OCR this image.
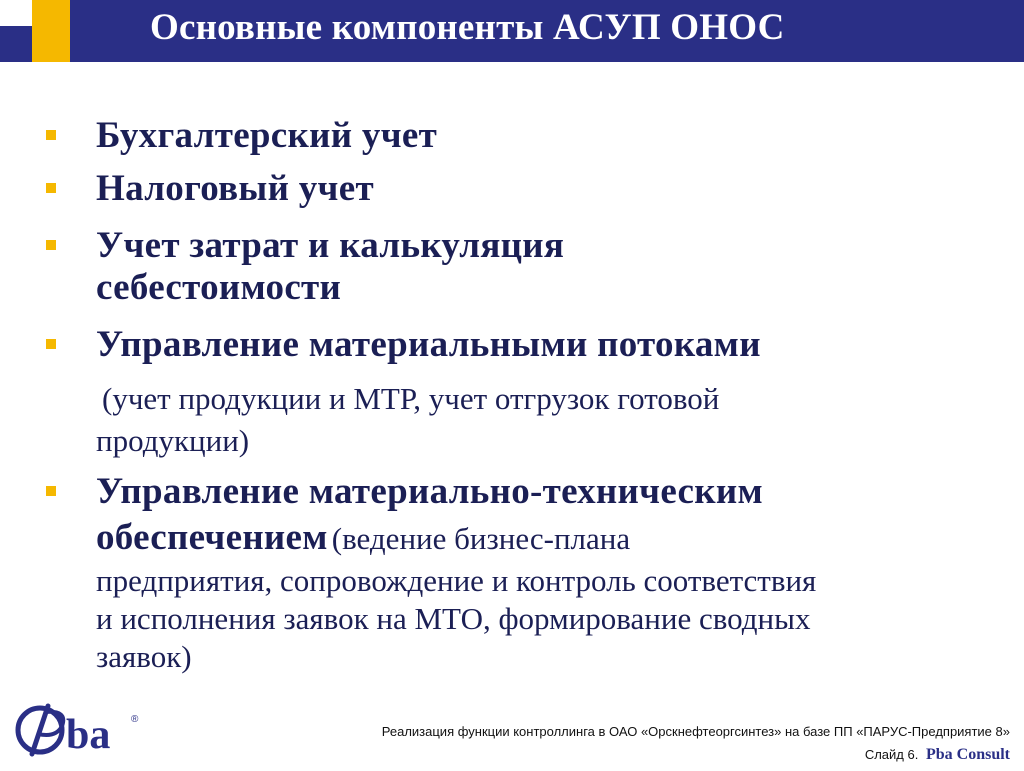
Основные компоненты АСУП ОНОС
Бухгалтерский учет
Налоговый учет
Учет затрат и калькуляция
себестоимости
Управление материальными потоками
(учет продукции и МТР, учет отгрузок готовой
продукции)
Управление материально-техническим
обеспечением (ведение бизнес-плана
предприятия, сопровождение и контроль соответствия
и исполнения заявок на МТО, формирование сводных
заявок)
ba ®
Реализация функции контроллинга в ОАО «Орскнефтеоргсинтез» на базе ПП «ПАРУС-Предприятие 8»
Слайд 6. Pba Consult
